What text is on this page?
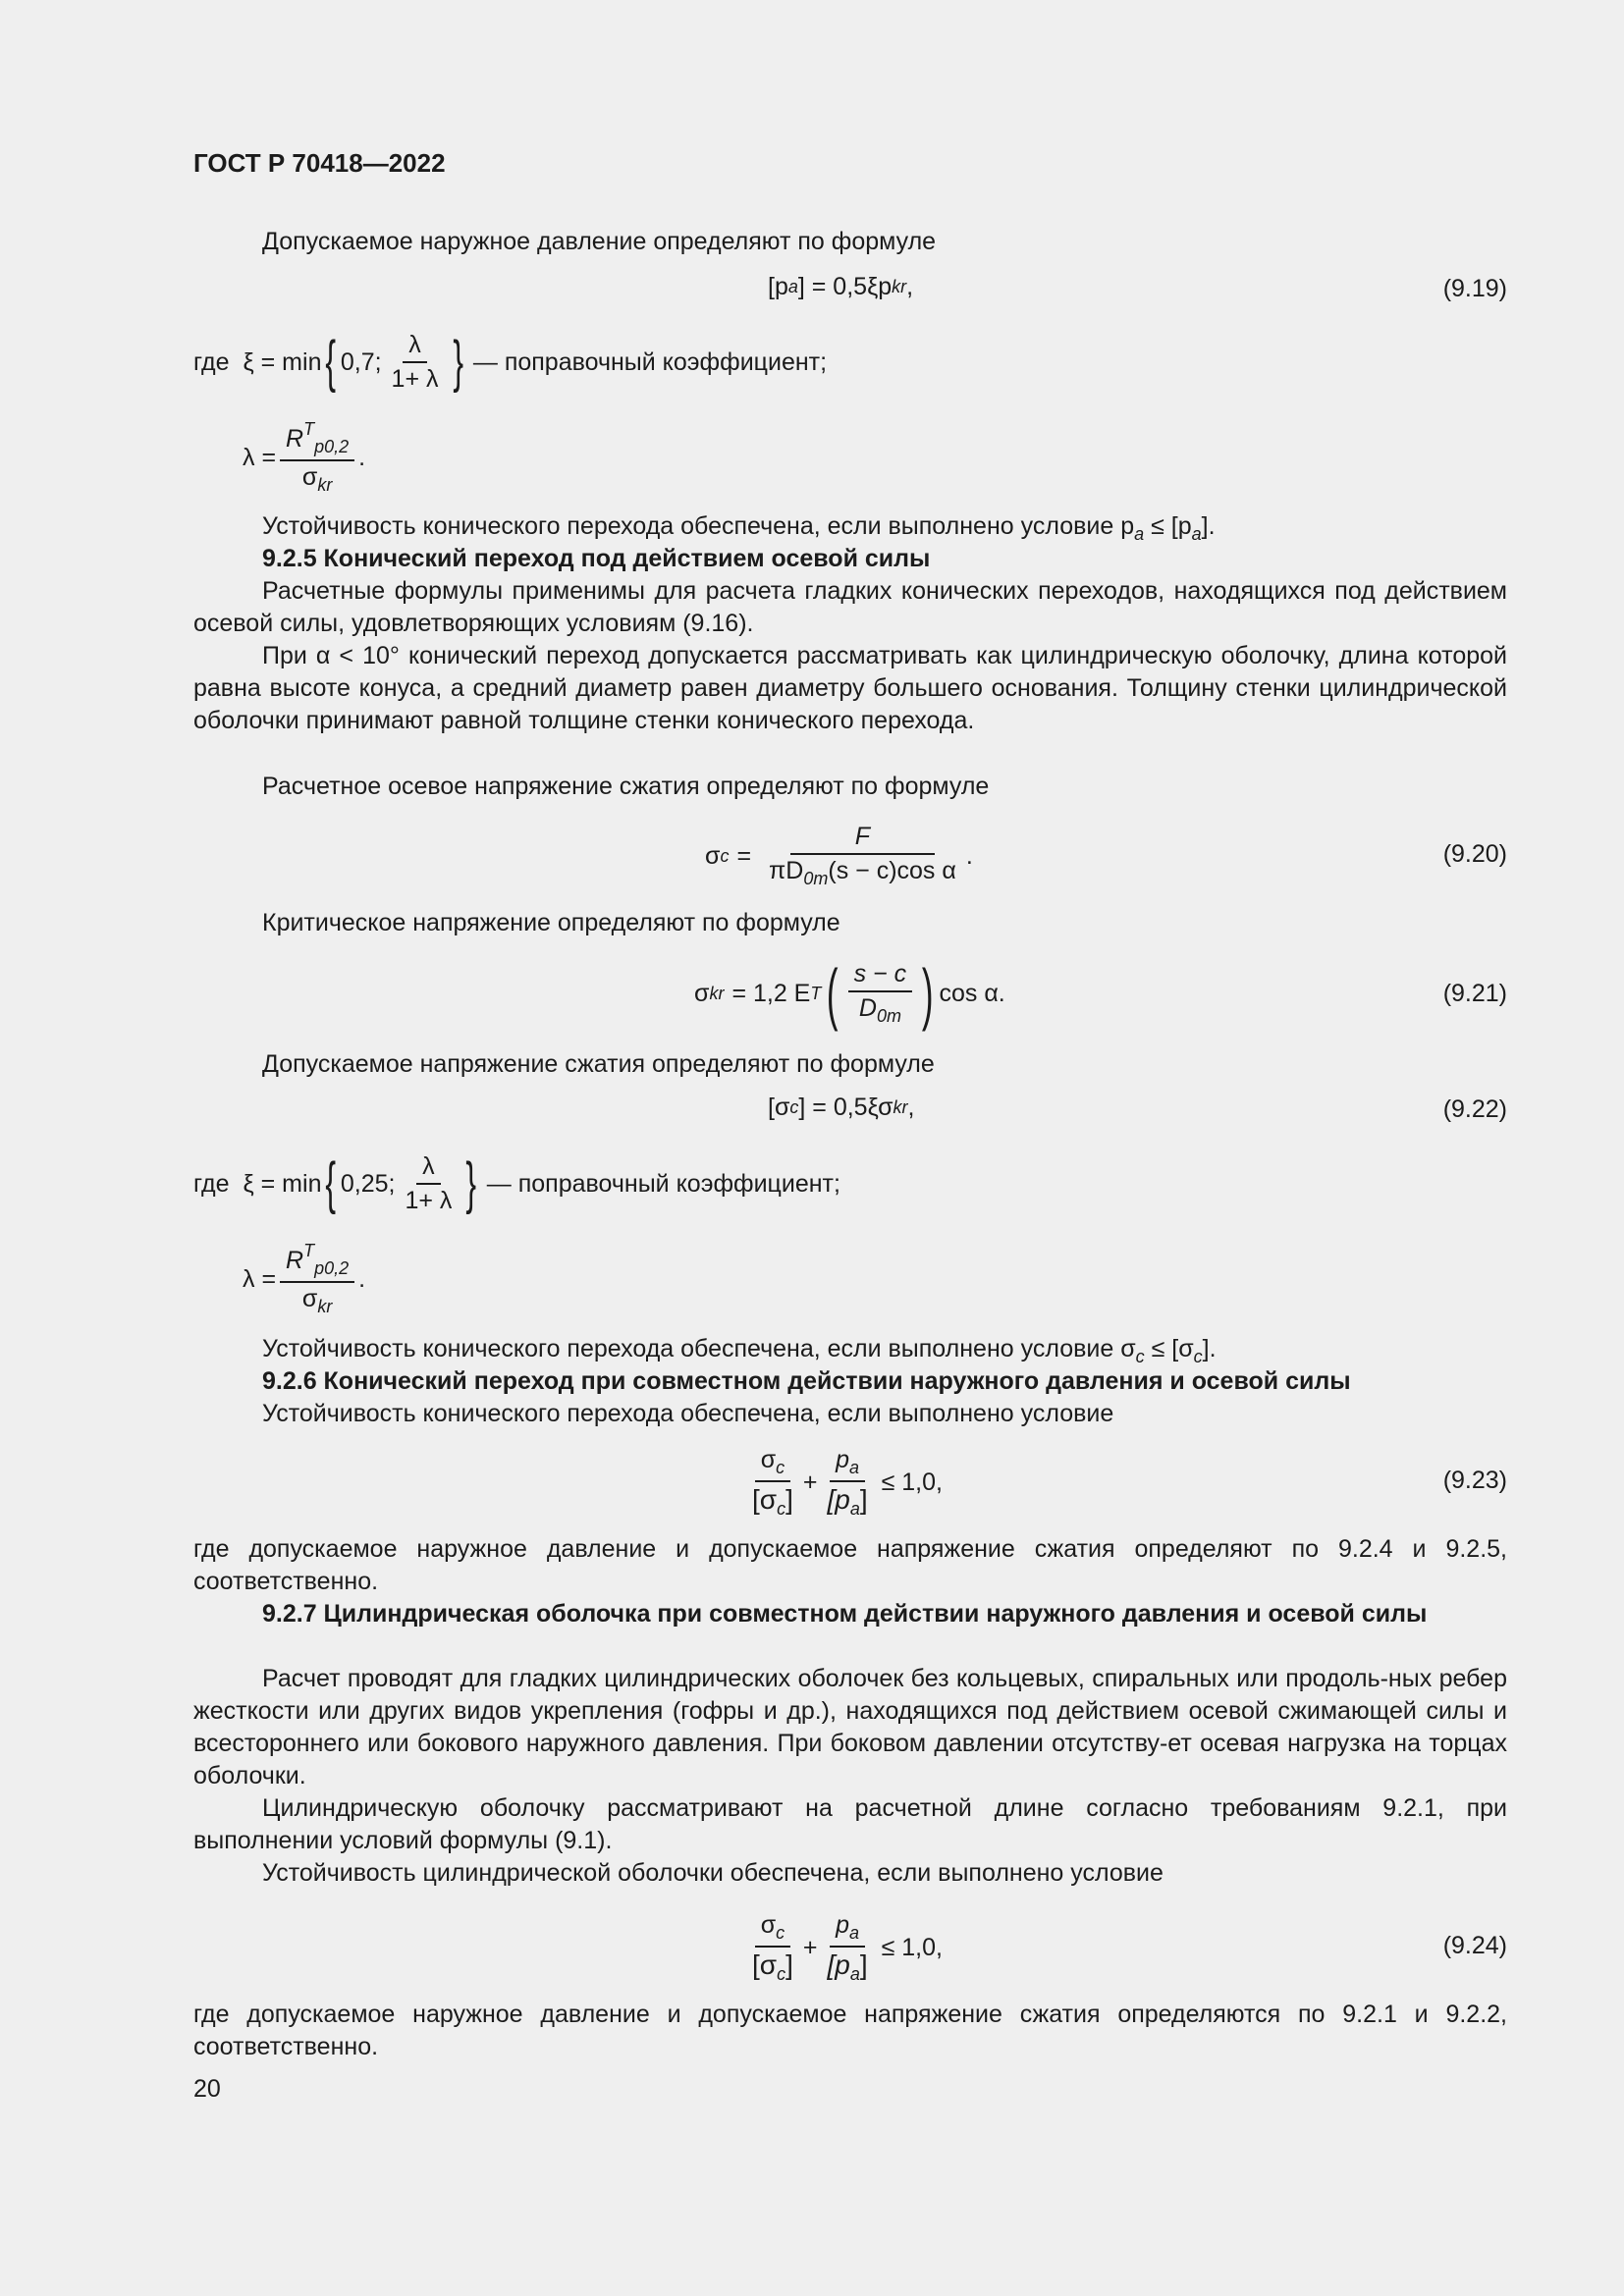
ГОСТ Р 70418—2022
Допускаемое наружное давление определяют по формуле
[p a ] = 0,5ξp kr ,	(9.19)
где ξ = min { 0,7; $\frac{\lambda}{1+ \lambda}$ } — поправочный коэффициент;
$\lambda = \frac{R^T_{p0,2}}{\sigma_{kr}}$ .
Устойчивость конического перехода обеспечена, если выполнено условие $p_a \le [p_a]$.
9.2.5 Конический переход под действием осевой силы
Расчетные формулы применимы для расчета гладких конических переходов, находящихся под действием осевой силы, удовлетворяющих условиям (9.16).
При α < 10° конический переход допускается рассматривать как цилиндрическую оболочку, длина которой равна высоте конуса, а средний диаметр равен диаметру большего основания. Толщину стенки цилиндрической оболочки принимают равной толщине стенки конического перехода.
Расчетное осевое напряжение сжатия определяют по формуле
σ $c = \frac{F}{\pi D_{0m}(s - c)\cos \alpha}$ .	(9.20)
Критическое напряжение определяют по формуле
σ kr = 1,2 E T ( $\frac{s - c}{D_{0m}}$ ) cos α.	(9.21)
Допускаемое напряжение сжатия определяют по формуле
[σ c ] = 0,5ξσ kr ,	(9.22)
где ξ = min { 0,25; $\frac{\lambda}{1+ \lambda}$ } — поправочный коэффициент;
$\lambda = \frac{R^T_{p0,2}}{\sigma_{kr}}$ .
Устойчивость конического перехода обеспечена, если выполнено условие $\sigma_c \le [\sigma_c]$.
9.2.6 Конический переход при совместном действии наружного давления и осевой силы
Устойчивость конического перехода обеспечена, если выполнено условие
$\frac{\sigma_c}{[\sigma_c]} + \frac{p_a}{[p_a]} \le 1,0$,	(9.23)
где допускаемое наружное давление и допускаемое напряжение сжатия определяют по 9.2.4 и 9.2.5, соответственно.
9.2.7 Цилиндрическая оболочка при совместном действии наружного давления и осевой силы
Расчет проводят для гладких цилиндрических оболочек без кольцевых, спиральных или продоль-ных ребер жесткости или других видов укрепления (гофры и др.), находящихся под действием осевой сжимающей силы и всестороннего или бокового наружного давления. При боковом давлении отсутству-ет осевая нагрузка на торцах оболочки.
Цилиндрическую оболочку рассматривают на расчетной длине согласно требованиям 9.2.1, при выполнении условий формулы (9.1).
Устойчивость цилиндрической оболочки обеспечена, если выполнено условие
$\frac{\sigma_c}{[\sigma_c]} + \frac{p_a}{[p_a]} \le 1,0$,	(9.24)
где допускаемое наружное давление и допускаемое напряжение сжатия определяются по 9.2.1 и 9.2.2, соответственно.
20
